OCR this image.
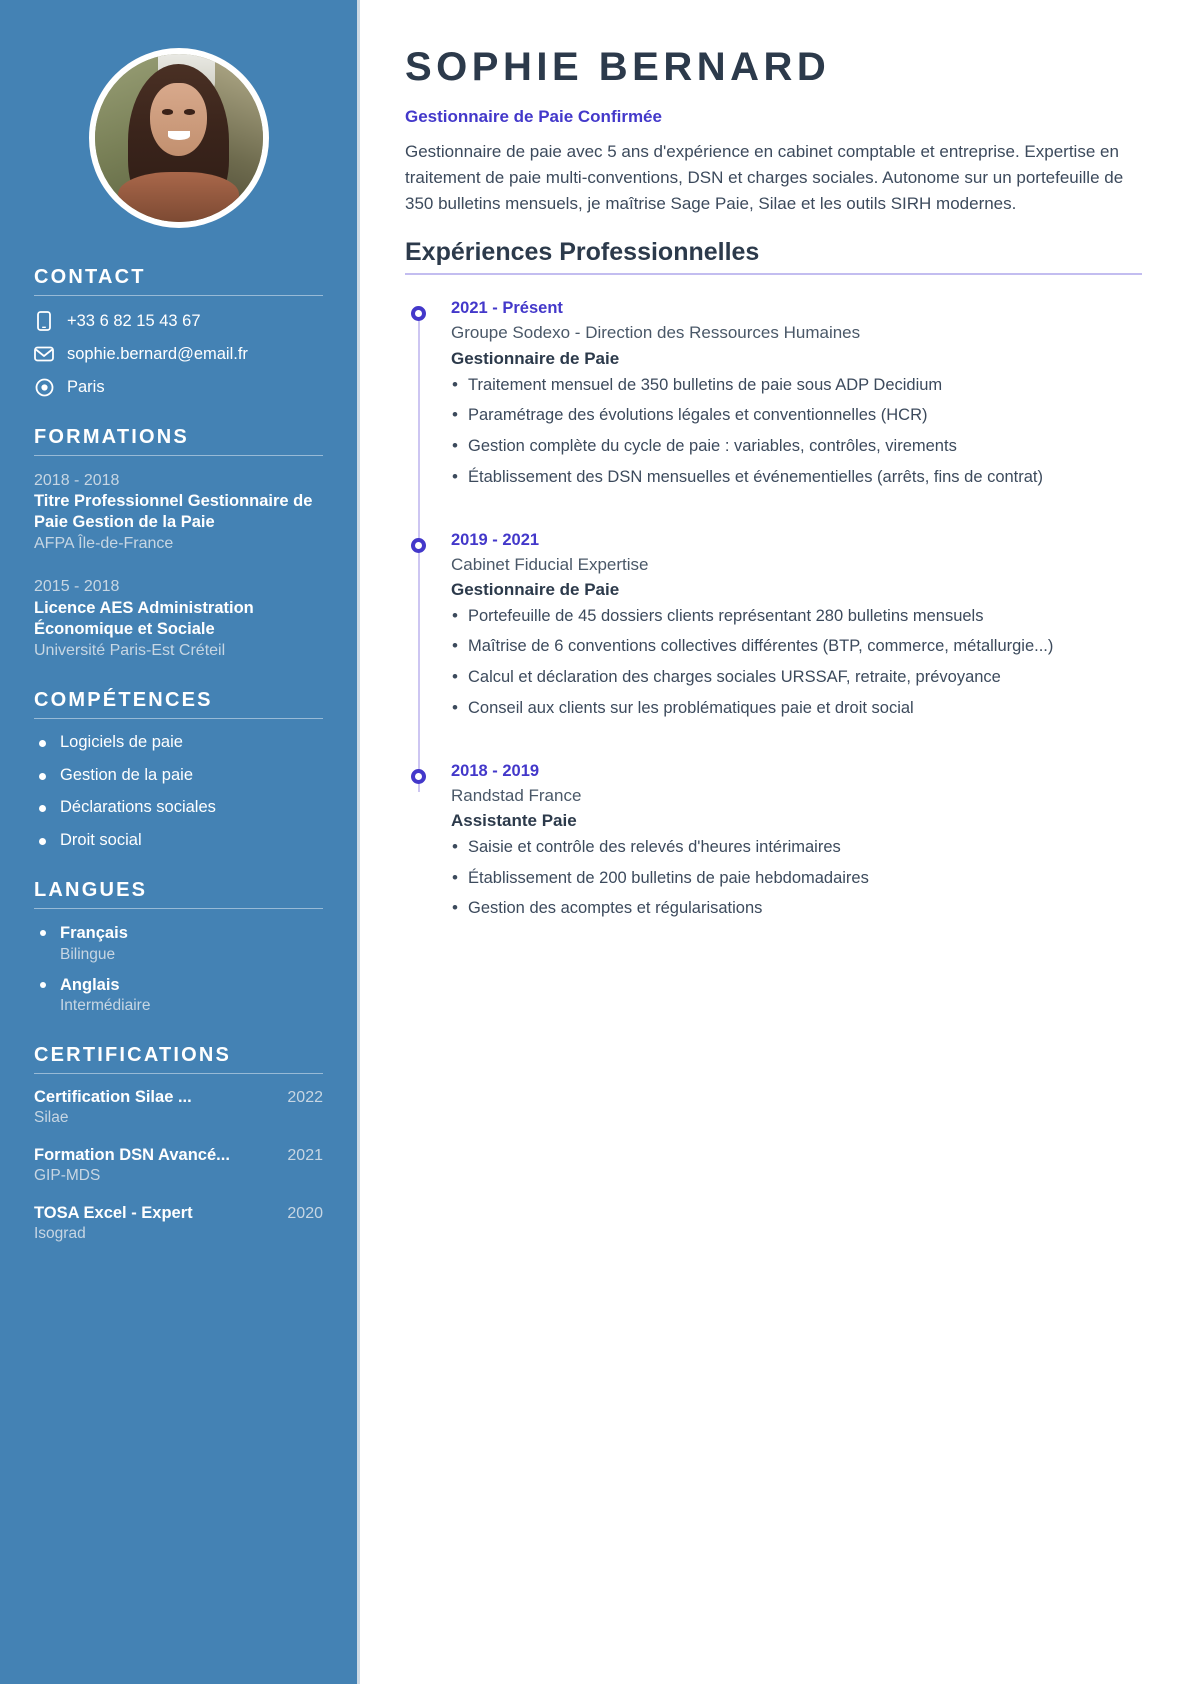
CONTACT
+33 6 82 15 43 67
sophie.bernard@email.fr
Paris
FORMATIONS
2018 - 2018
Titre Professionnel Gestionnaire de Paie Gestion de la Paie
AFPA Île-de-France
2015 - 2018
Licence AES Administration Économique et Sociale
Université Paris-Est Créteil
COMPÉTENCES
Logiciels de paie
Gestion de la paie
Déclarations sociales
Droit social
LANGUES
Français
Bilingue
Anglais
Intermédiaire
CERTIFICATIONS
Certification Silae ...	2022
Silae
Formation DSN Avancé...	2021
GIP-MDS
TOSA Excel - Expert	2020
Isograd
SOPHIE BERNARD
Gestionnaire de Paie Confirmée

Gestionnaire de paie avec 5 ans d'expérience en cabinet comptable et entreprise. Expertise en traitement de paie multi-conventions, DSN et charges sociales. Autonome sur un portefeuille de 350 bulletins mensuels, je maîtrise Sage Paie, Silae et les outils SIRH modernes.

Expériences Professionnelles
2021 - Présent
Groupe Sodexo - Direction des Ressources Humaines
Gestionnaire de Paie
• Traitement mensuel de 350 bulletins de paie sous ADP Decidium
• Paramétrage des évolutions légales et conventionnelles (HCR)
• Gestion complète du cycle de paie : variables, contrôles, virements
• Établissement des DSN mensuelles et événementielles (arrêts, fins de contrat)
2019 - 2021
Cabinet Fiducial Expertise
Gestionnaire de Paie
• Portefeuille de 45 dossiers clients représentant 280 bulletins mensuels
• Maîtrise de 6 conventions collectives différentes (BTP, commerce, métallurgie...)
• Calcul et déclaration des charges sociales URSSAF, retraite, prévoyance
• Conseil aux clients sur les problématiques paie et droit social
2018 - 2019
Randstad France
Assistante Paie
• Saisie et contrôle des relevés d'heures intérimaires
• Établissement de 200 bulletins de paie hebdomadaires
• Gestion des acomptes et régularisations
